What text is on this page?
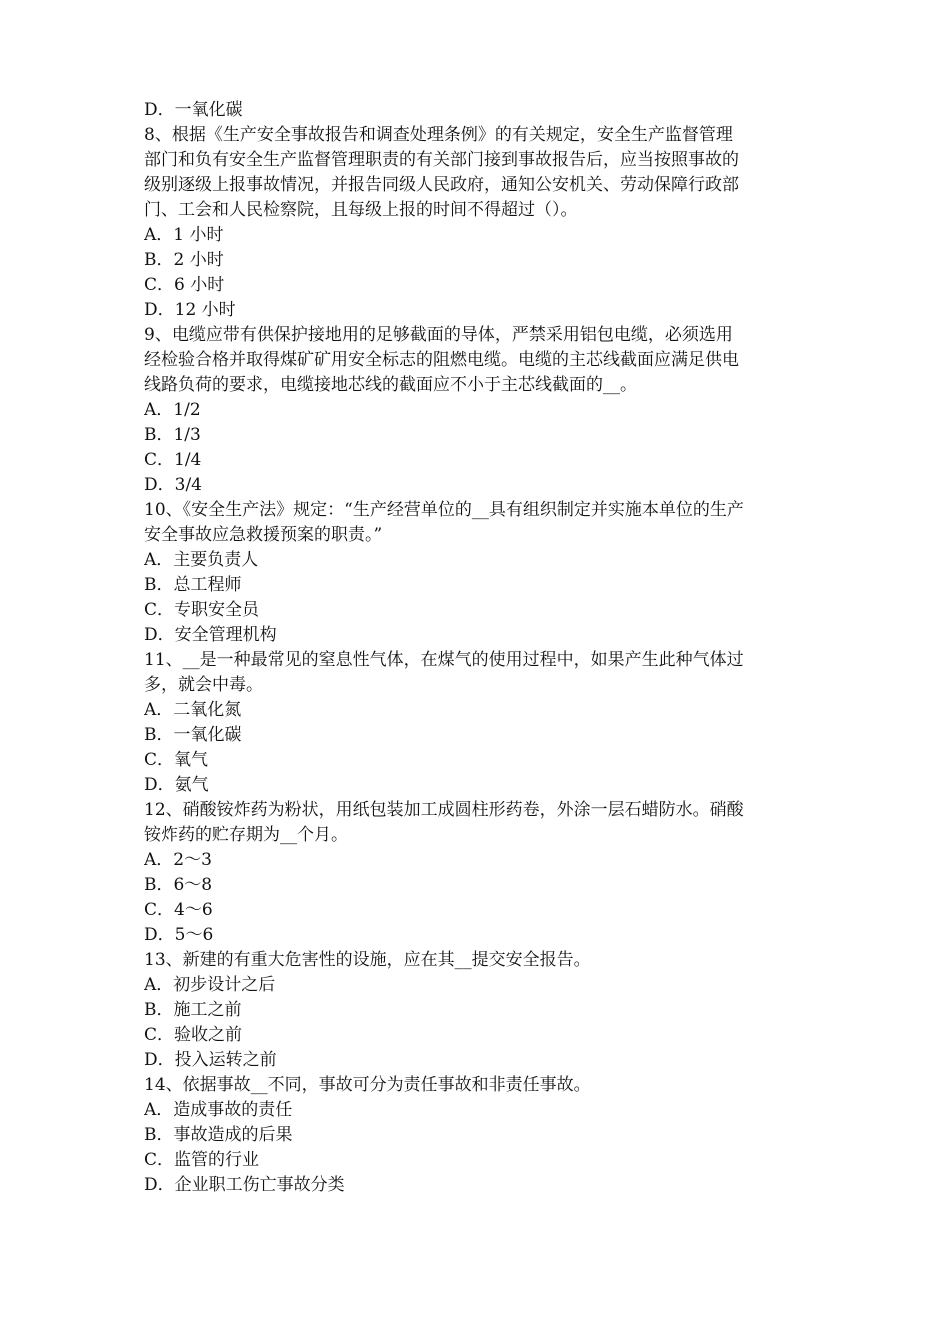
D．一氧化碳
8、根据《生产安全事故报告和调查处理条例》的有关规定，安全生产监督管理
部门和负有安全生产监督管理职责的有关部门接到事故报告后，应当按照事故的
级别逐级上报事故情况，并报告同级人民政府，通知公安机关、劳动保障行政部
门、工会和人民检察院，且每级上报的时间不得超过（）。
A．1 小时
B．2 小时
C．6 小时
D．12 小时
9、电缆应带有供保护接地用的足够截面的导体，严禁采用铝包电缆，必须选用
经检验合格并取得煤矿矿用安全标志的阻燃电缆。电缆的主芯线截面应满足供电
线路负荷的要求，电缆接地芯线的截面应不小于主芯线截面的__。
A．1/2
B．1/3
C．1/4
D．3/4
10、《安全生产法》规定：“生产经营单位的__具有组织制定并实施本单位的生产
安全事故应急救援预案的职责。”
A．主要负责人
B．总工程师
C．专职安全员
D．安全管理机构
11、__是一种最常见的窒息性气体，在煤气的使用过程中，如果产生此种气体过
多，就会中毒。
A．二氧化氮
B．一氧化碳
C．氧气
D．氨气
12、硝酸铵炸药为粉状，用纸包装加工成圆柱形药卷，外涂一层石蜡防水。硝酸
铵炸药的贮存期为__个月。
A．2～3
B．6～8
C．4～6
D．5～6
13、新建的有重大危害性的设施，应在其__提交安全报告。
A．初步设计之后
B．施工之前
C．验收之前
D．投入运转之前
14、依据事故__不同，事故可分为责任事故和非责任事故。
A．造成事故的责任
B．事故造成的后果
C．监管的行业
D．企业职工伤亡事故分类
